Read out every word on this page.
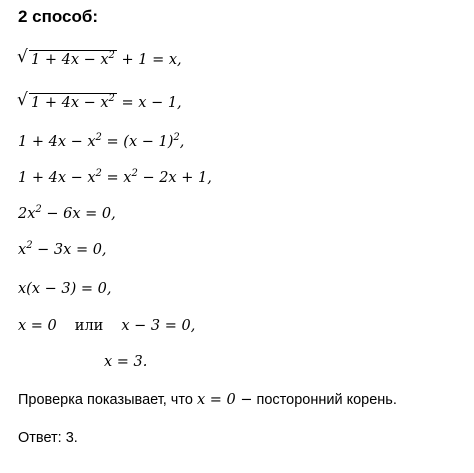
2 способ:
√ $1 + 4x - x^2 + 1 = x$,
√ $1 + 4x - x^2 = x - 1$,
$1 + 4x - x^2 = (x - 1)^2$,
$1 + 4x - x^2 = x^2 - 2x + 1$,
$2x^2 - 6x = 0$,
$x^2 - 3x = 0$,
x(x − 3) = 0,
x = 0 или x − 3 = 0,
x = 3.
Проверка показывает, что x = 0 − посторонний корень.
Ответ: 3.
